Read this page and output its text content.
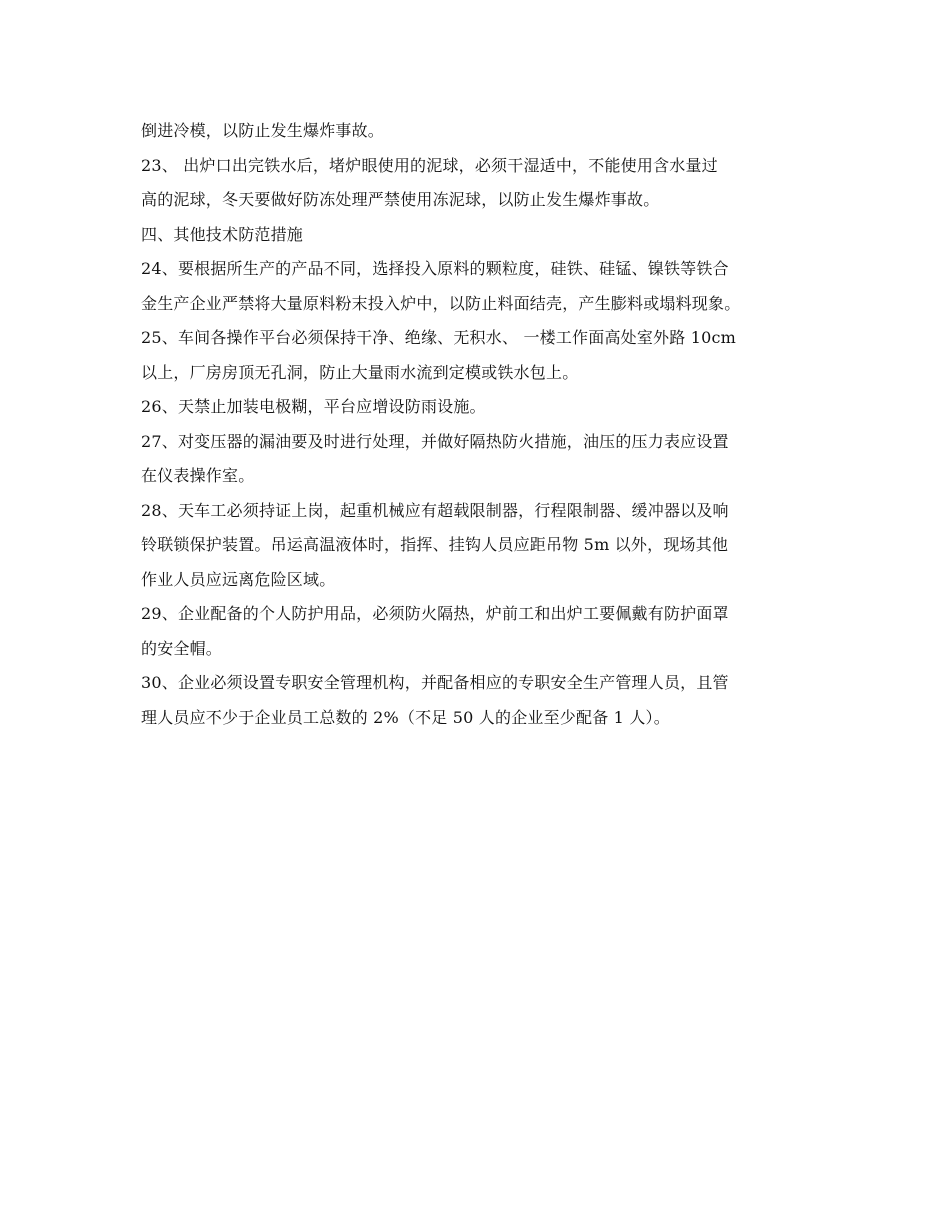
倒进冷模，以防止发生爆炸事故。
23、 出炉口出完铁水后，堵炉眼使用的泥球，必须干湿适中，不能使用含水量过
高的泥球，冬天要做好防冻处理严禁使用冻泥球，以防止发生爆炸事故。
四、其他技术防范措施
24、要根据所生产的产品不同，选择投入原料的颗粒度，硅铁、硅锰、镍铁等铁合
金生产企业严禁将大量原料粉末投入炉中，以防止料面结壳，产生膨料或塌料现象。
25、车间各操作平台必须保持干净、绝缘、无积水、 一楼工作面高处室外路 10cm
以上，厂房房顶无孔洞，防止大量雨水流到定模或铁水包上。
26、天禁止加装电极糊，平台应增设防雨设施。
27、对变压器的漏油要及时进行处理，并做好隔热防火措施，油压的压力表应设置
在仪表操作室。
28、天车工必须持证上岗，起重机械应有超载限制器，行程限制器、缓冲器以及响
铃联锁保护装置。吊运高温液体时，指挥、挂钩人员应距吊物 5m 以外，现场其他
作业人员应远离危险区域。
29、企业配备的个人防护用品，必须防火隔热，炉前工和出炉工要佩戴有防护面罩
的安全帽。
30、企业必须设置专职安全管理机构，并配备相应的专职安全生产管理人员，且管
理人员应不少于企业员工总数的 2%（不足 50 人的企业至少配备 1 人）。
